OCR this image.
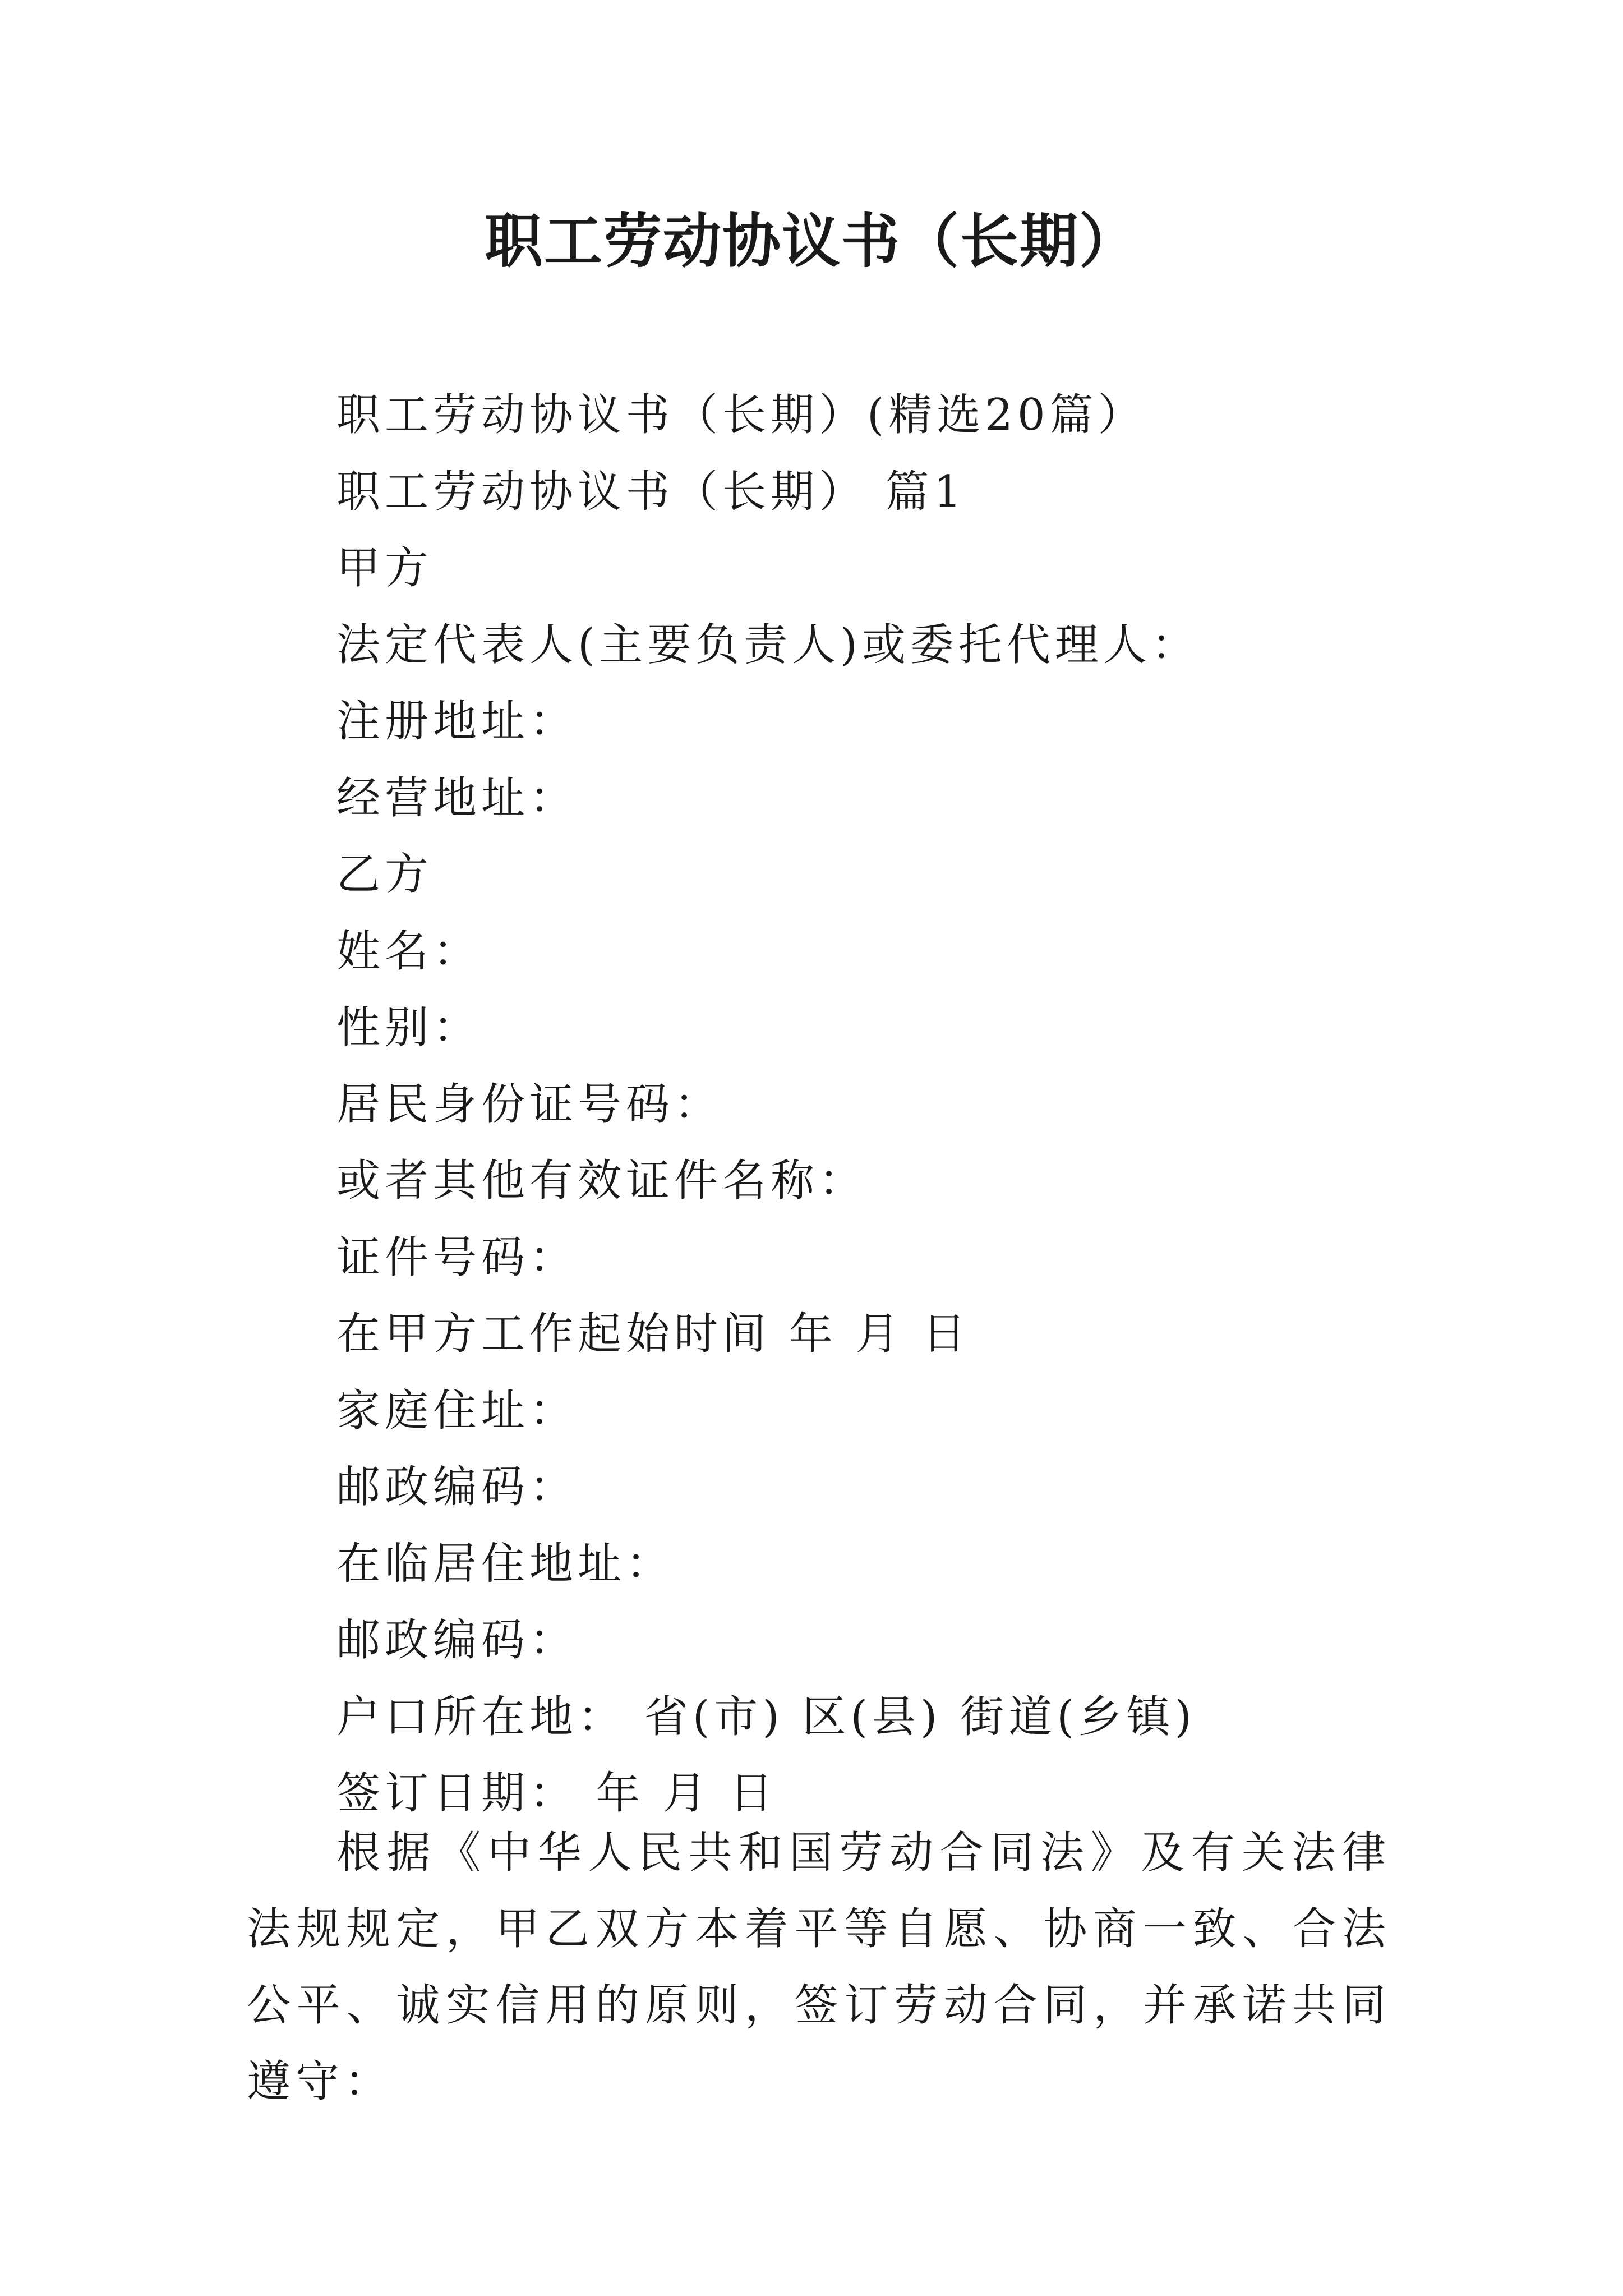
职工劳动协议书（长期）
职工劳动协议书（长期）(精选20篇）
职工劳动协议书（长期） 篇1
甲方
法定代表人(主要负责人)或委托代理人：
注册地址：
经营地址：
乙方
姓名：
性别：
居民身份证号码：
或者其他有效证件名称：
证件号码：
在甲方工作起始时间 年 月 日
家庭住址：
邮政编码：
在临居住地址：
邮政编码：
户口所在地： 省(市) 区(县) 街道(乡镇)
签订日期： 年 月 日

根据《中华人民共和国劳动合同法》及有关法律法规规定，甲乙双方本着平等自愿、协商一致、合法公平、诚实信用的原则，签订劳动合同，并承诺共同遵守：
